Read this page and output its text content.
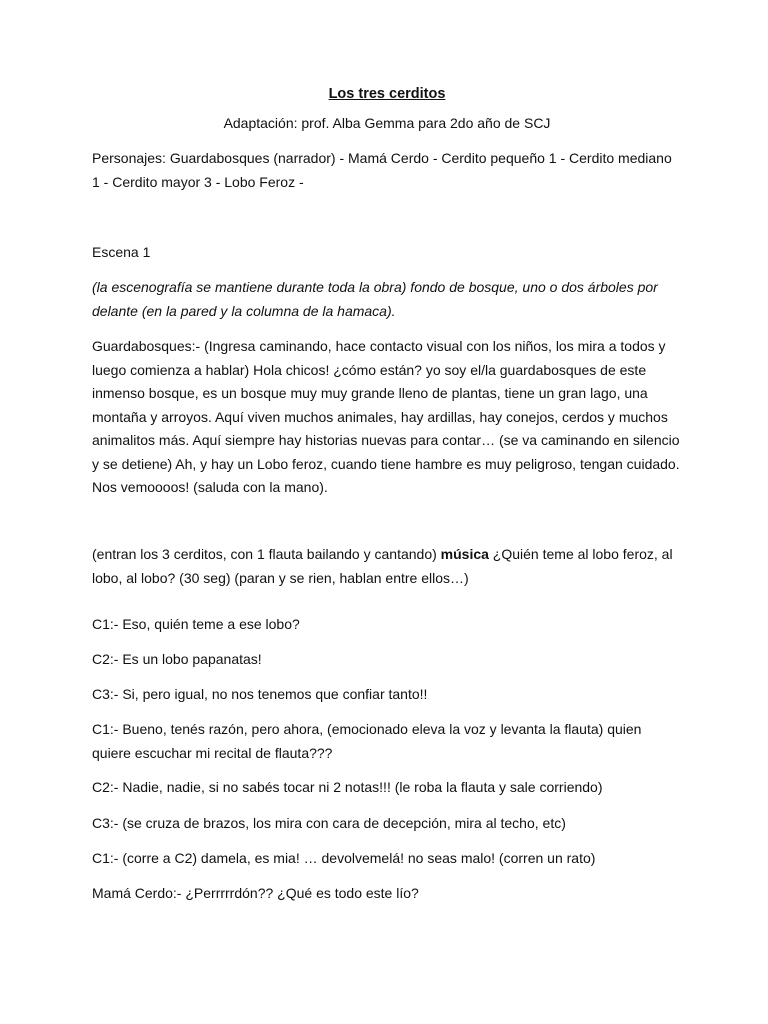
Los tres cerditos

Adaptación: prof. Alba Gemma para 2do año de SCJ

Personajes: Guardabosques (narrador) - Mamá Cerdo - Cerdito pequeño 1 - Cerdito mediano 1 - Cerdito mayor 3 - Lobo Feroz -

Escena 1

(la escenografía se mantiene durante toda la obra) fondo de bosque, uno o dos árboles por delante (en la pared y la columna de la hamaca).

Guardabosques:- (Ingresa caminando, hace contacto visual con los niños, los mira a todos y luego comienza a hablar) Hola chicos! ¿cómo están? yo soy el/la guardabosques de este inmenso bosque, es un bosque muy muy grande lleno de plantas, tiene un gran lago, una montaña y arroyos. Aquí viven muchos animales, hay ardillas, hay conejos, cerdos y muchos animalitos más. Aquí siempre hay historias nuevas para contar… (se va caminando en silencio y se detiene) Ah, y hay un Lobo feroz, cuando tiene hambre es muy peligroso, tengan cuidado. Nos vemoooos! (saluda con la mano).

(entran los 3 cerditos, con 1 flauta bailando y cantando) música ¿Quién teme al lobo feroz, al lobo, al lobo? (30 seg) (paran y se rien, hablan entre ellos…)

C1:- Eso, quién teme a ese lobo?

C2:- Es un lobo papanatas!

C3:- Si, pero igual, no nos tenemos que confiar tanto!!

C1:- Bueno, tenés razón, pero ahora, (emocionado eleva la voz y levanta la flauta) quien quiere escuchar mi recital de flauta???

C2:- Nadie, nadie, si no sabés tocar ni 2 notas!!! (le roba la flauta y sale corriendo)

C3:- (se cruza de brazos, los mira con cara de decepción, mira al techo, etc)

C1:- (corre a C2) damela, es mia! … devolvemelá! no seas malo! (corren un rato)

Mamá Cerdo:- ¿Perrrrrdón?? ¿Qué es todo este lío?
